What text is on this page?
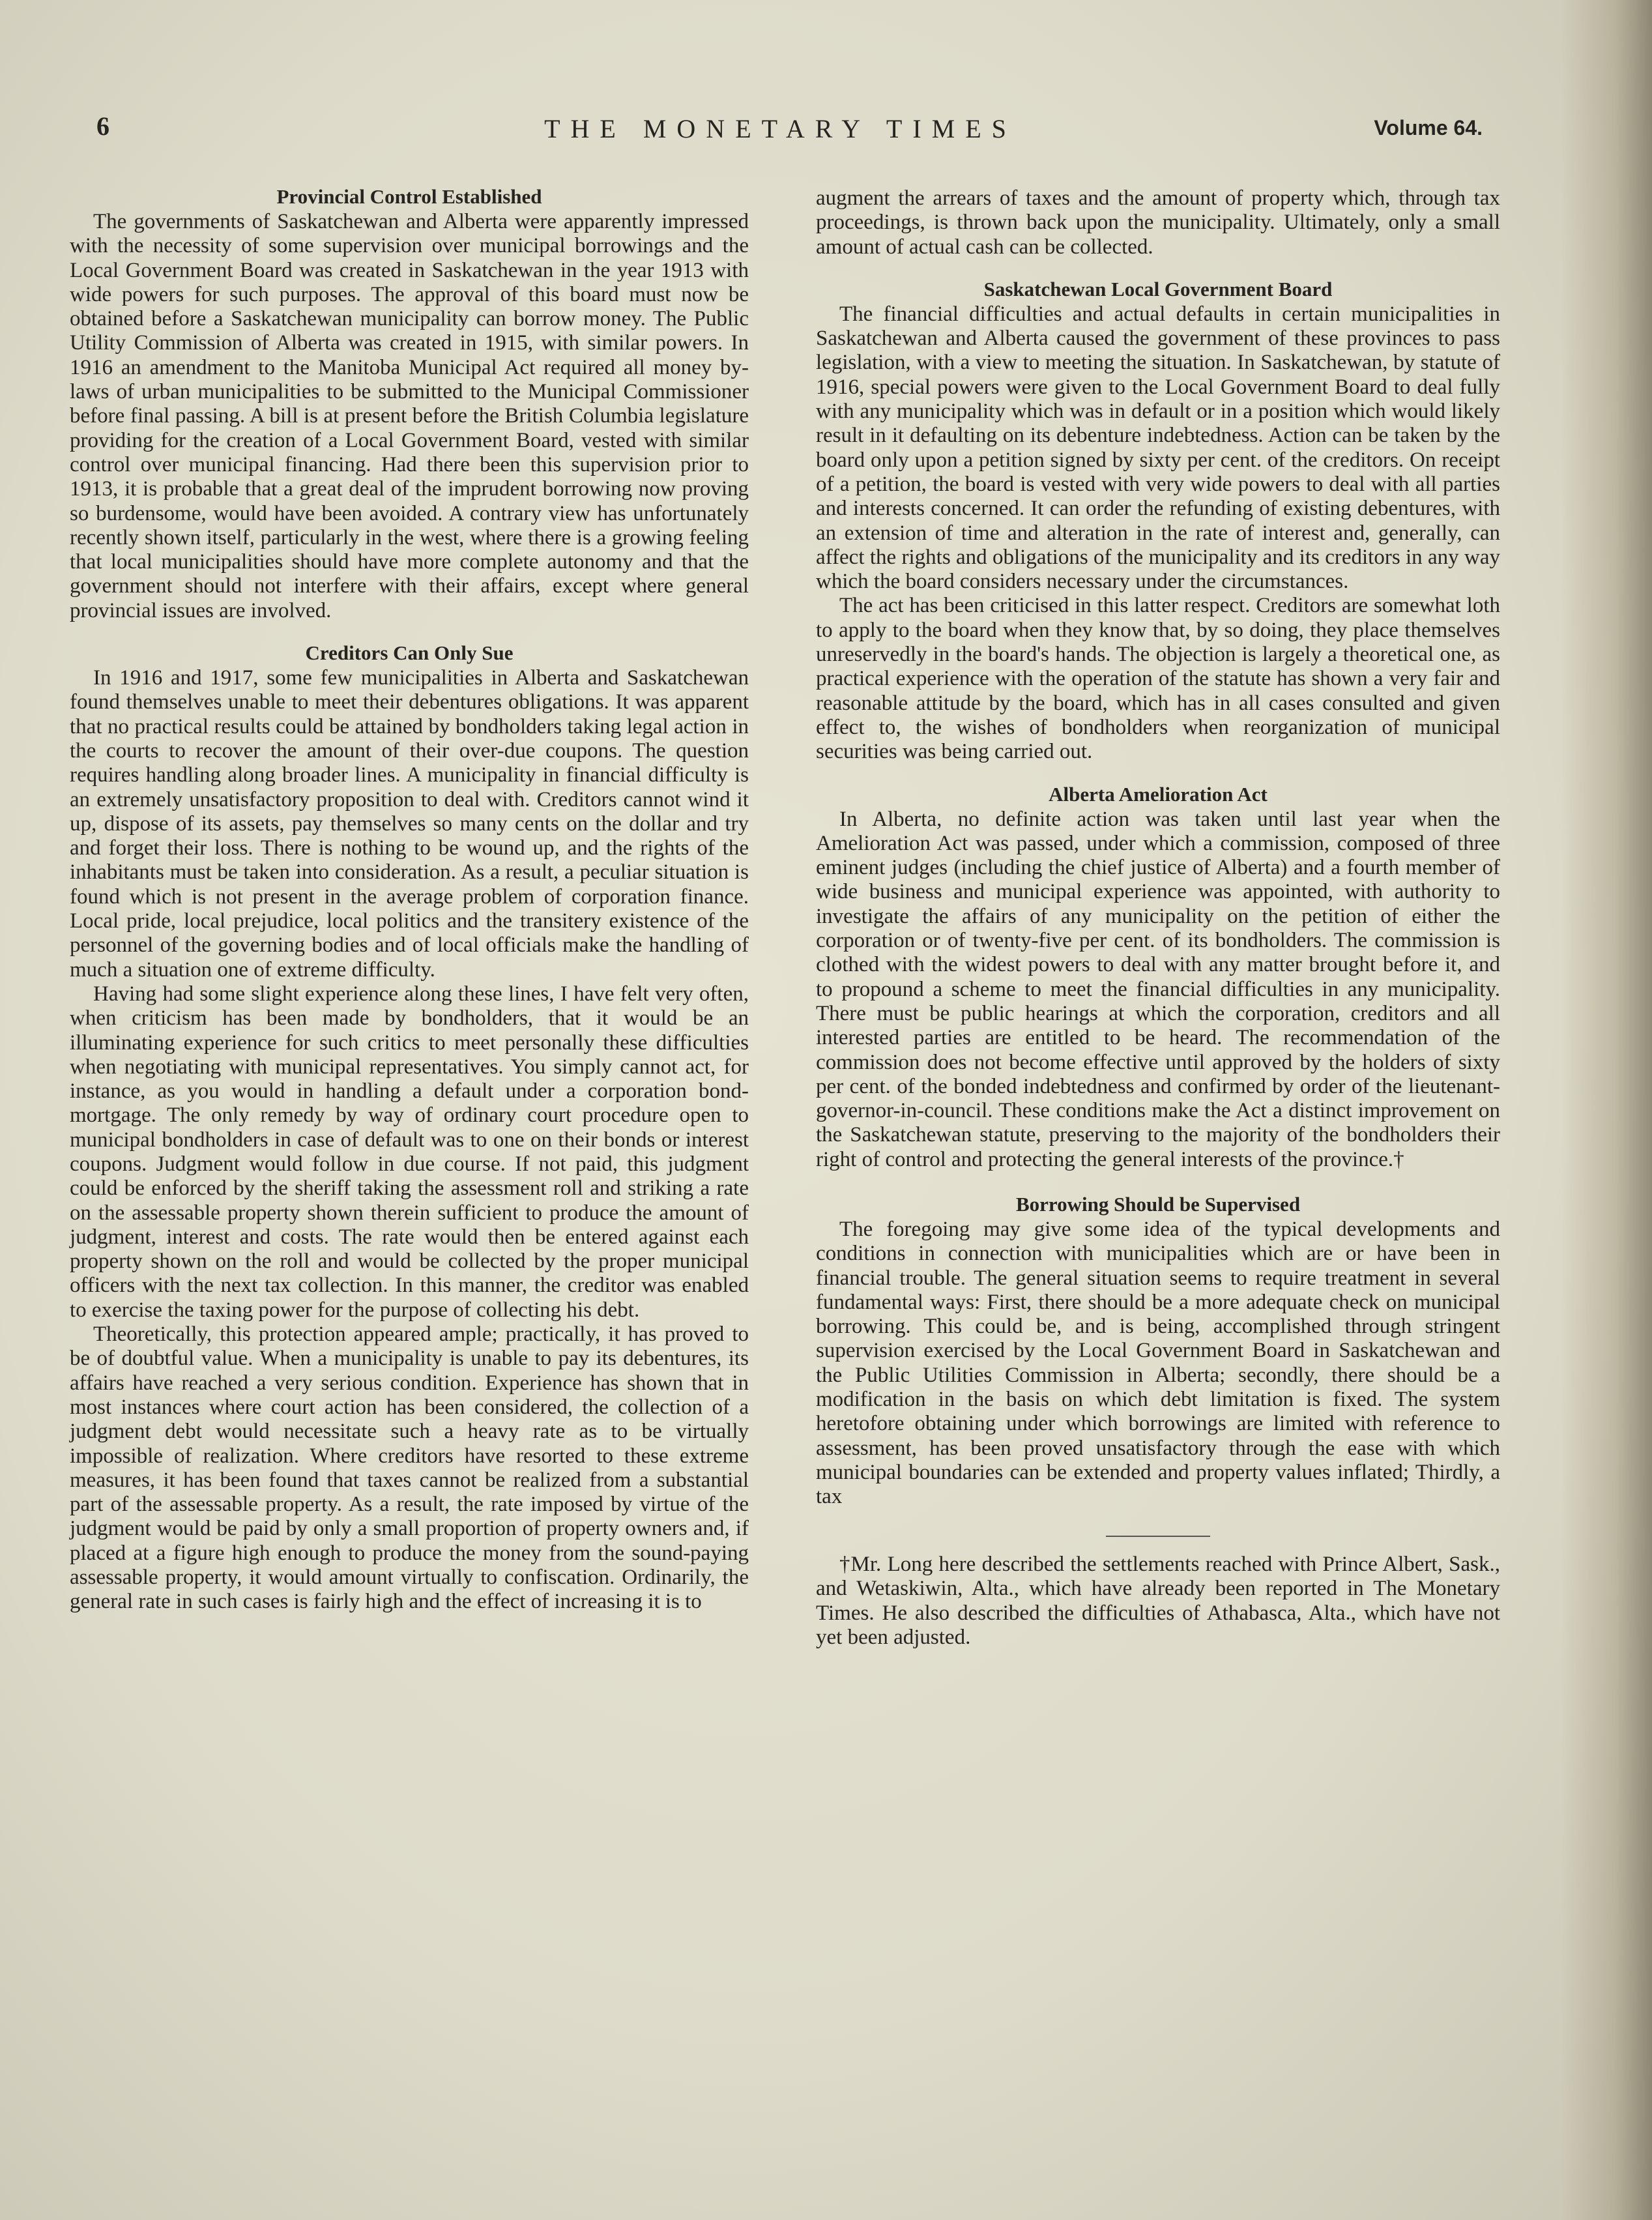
6	THE MONETARY TIMES	Volume 64.
Provincial Control Established

The governments of Saskatchewan and Alberta were apparently impressed with the necessity of some supervision over municipal borrowings and the Local Government Board was created in Saskatchewan in the year 1913 with wide powers for such purposes. The approval of this board must now be obtained before a Saskatchewan municipality can borrow money. The Public Utility Commission of Alberta was created in 1915, with similar powers. In 1916 an amendment to the Manitoba Municipal Act required all money by-laws of urban municipalities to be submitted to the Municipal Commissioner before final passing. A bill is at present before the British Columbia legislature providing for the creation of a Local Government Board, vested with similar control over municipal financing. Had there been this supervision prior to 1913, it is probable that a great deal of the imprudent borrowing now proving so burdensome, would have been avoided. A contrary view has unfortunately recently shown itself, particularly in the west, where there is a growing feeling that local municipalities should have more complete autonomy and that the government should not interfere with their affairs, except where general provincial issues are involved.

Creditors Can Only Sue

In 1916 and 1917, some few municipalities in Alberta and Saskatchewan found themselves unable to meet their debentures obligations. It was apparent that no practical results could be attained by bondholders taking legal action in the courts to recover the amount of their over-due coupons. The question requires handling along broader lines. A municipality in financial difficulty is an extremely unsatisfactory proposition to deal with. Creditors cannot wind it up, dispose of its assets, pay themselves so many cents on the dollar and try and forget their loss. There is nothing to be wound up, and the rights of the inhabitants must be taken into consideration. As a result, a peculiar situation is found which is not present in the average problem of corporation finance. Local pride, local prejudice, local politics and the transitery existence of the personnel of the governing bodies and of local officials make the handling of much a situation one of extreme difficulty.

Having had some slight experience along these lines, I have felt very often, when criticism has been made by bondholders, that it would be an illuminating experience for such critics to meet personally these difficulties when negotiating with municipal representatives. You simply cannot act, for instance, as you would in handling a default under a corporation bond-mortgage. The only remedy by way of ordinary court procedure open to municipal bondholders in case of default was to one on their bonds or interest coupons. Judgment would follow in due course. If not paid, this judgment could be enforced by the sheriff taking the assessment roll and striking a rate on the assessable property shown therein sufficient to produce the amount of judgment, interest and costs. The rate would then be entered against each property shown on the roll and would be collected by the proper municipal officers with the next tax collection. In this manner, the creditor was enabled to exercise the taxing power for the purpose of collecting his debt.

Theoretically, this protection appeared ample; practically, it has proved to be of doubtful value. When a municipality is unable to pay its debentures, its affairs have reached a very serious condition. Experience has shown that in most instances where court action has been considered, the collection of a judgment debt would necessitate such a heavy rate as to be virtually impossible of realization. Where creditors have resorted to these extreme measures, it has been found that taxes cannot be realized from a substantial part of the assessable property. As a result, the rate imposed by virtue of the judgment would be paid by only a small proportion of property owners and, if placed at a figure high enough to produce the money from the sound-paying assessable property, it would amount virtually to confiscation. Ordinarily, the general rate in such cases is fairly high and the effect of increasing it is to

augment the arrears of taxes and the amount of property which, through tax proceedings, is thrown back upon the municipality. Ultimately, only a small amount of actual cash can be collected.

Saskatchewan Local Government Board

The financial difficulties and actual defaults in certain municipalities in Saskatchewan and Alberta caused the government of these provinces to pass legislation, with a view to meeting the situation. In Saskatchewan, by statute of 1916, special powers were given to the Local Government Board to deal fully with any municipality which was in default or in a position which would likely result in it defaulting on its debenture indebtedness. Action can be taken by the board only upon a petition signed by sixty per cent. of the creditors. On receipt of a petition, the board is vested with very wide powers to deal with all parties and interests concerned. It can order the refunding of existing debentures, with an extension of time and alteration in the rate of interest and, generally, can affect the rights and obligations of the municipality and its creditors in any way which the board considers necessary under the circumstances.

The act has been criticised in this latter respect. Creditors are somewhat loth to apply to the board when they know that, by so doing, they place themselves unreservedly in the board's hands. The objection is largely a theoretical one, as practical experience with the operation of the statute has shown a very fair and reasonable attitude by the board, which has in all cases consulted and given effect to, the wishes of bondholders when reorganization of municipal securities was being carried out.

Alberta Amelioration Act

In Alberta, no definite action was taken until last year when the Amelioration Act was passed, under which a commission, composed of three eminent judges (including the chief justice of Alberta) and a fourth member of wide business and municipal experience was appointed, with authority to investigate the affairs of any municipality on the petition of either the corporation or of twenty-five per cent. of its bondholders. The commission is clothed with the widest powers to deal with any matter brought before it, and to propound a scheme to meet the financial difficulties in any municipality. There must be public hearings at which the corporation, creditors and all interested parties are entitled to be heard. The recommendation of the commission does not become effective until approved by the holders of sixty per cent. of the bonded indebtedness and confirmed by order of the lieutenant-governor-in-council. These conditions make the Act a distinct improvement on the Saskatchewan statute, preserving to the majority of the bondholders their right of control and protecting the general interests of the province.†

Borrowing Should be Supervised

The foregoing may give some idea of the typical developments and conditions in connection with municipalities which are or have been in financial trouble. The general situation seems to require treatment in several fundamental ways: First, there should be a more adequate check on municipal borrowing. This could be, and is being, accomplished through stringent supervision exercised by the Local Government Board in Saskatchewan and the Public Utilities Commission in Alberta; secondly, there should be a modification in the basis on which debt limitation is fixed. The system heretofore obtaining under which borrowings are limited with reference to assessment, has been proved unsatisfactory through the ease with which municipal boundaries can be extended and property values inflated; Thirdly, a tax

†Mr. Long here described the settlements reached with Prince Albert, Sask., and Wetaskiwin, Alta., which have already been reported in The Monetary Times. He also described the difficulties of Athabasca, Alta., which have not yet been adjusted.
